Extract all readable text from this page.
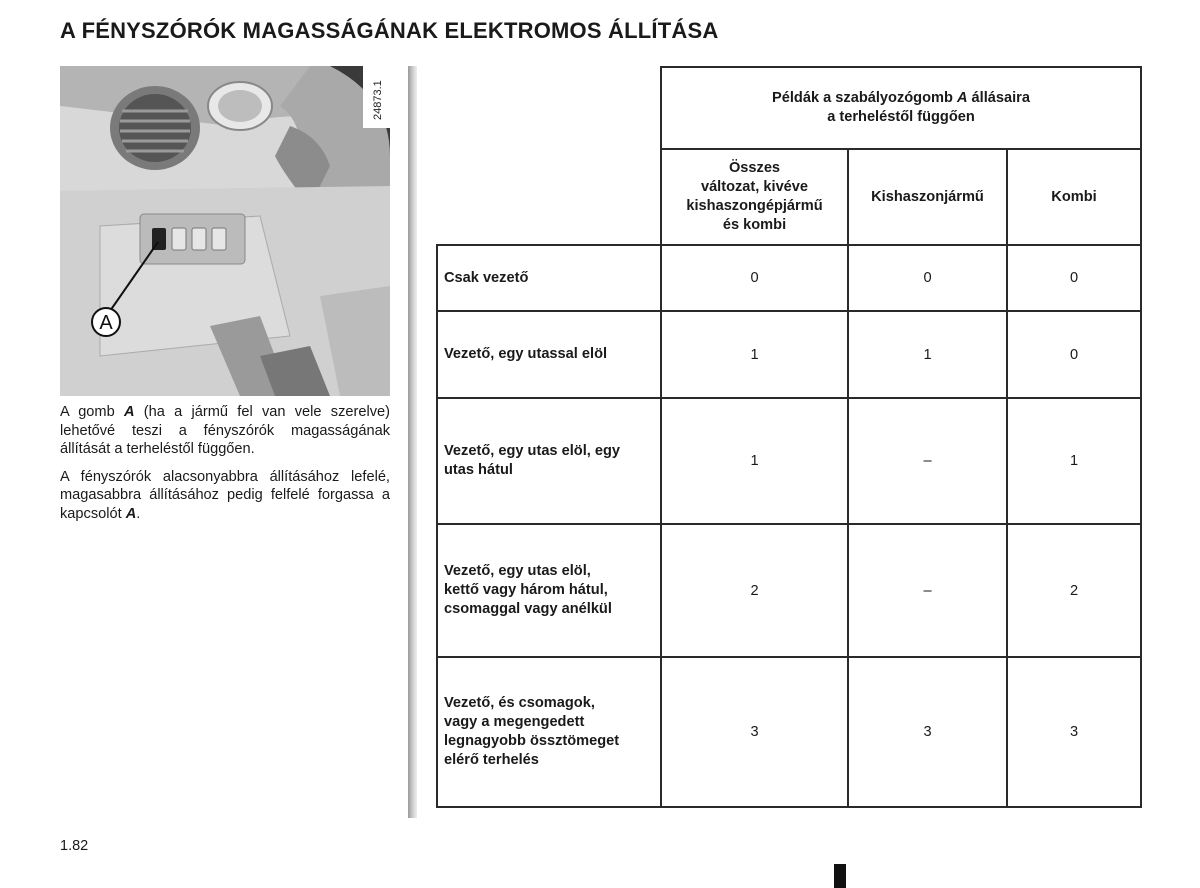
A FÉNYSZÓRÓK MAGASSÁGÁNAK ELEKTROMOS ÁLLÍTÁSA
A
24873.1

A gomb A (ha a jármű fel van vele szerelve) lehetővé teszi a fényszórók magasságának állítását a terheléstől függően.

A fényszórók alacsonyabbra állításához lefelé, magasabbra állításához pedig felfelé forgassa a kapcsolót A.

	Példák a szabályozógomb A állásaira
a terheléstől függően		

	Összes
változat, kivéve
kishaszongépjármű
és kombi	Kishaszonjármű	Kombi

Csak vezető	0	0	0

Vezető, egy utassal elöl	1	1	0

Vezető, egy utas elöl, egy
utas hátul	1	–	1

Vezető, egy utas elöl,
kettő vagy három hátul,
csomaggal vagy anélkül	2	–	2

Vezető, és csomagok,
vagy a megengedett
legnagyobb össztömeget
elérő terhelés	3	3	3
1.82
